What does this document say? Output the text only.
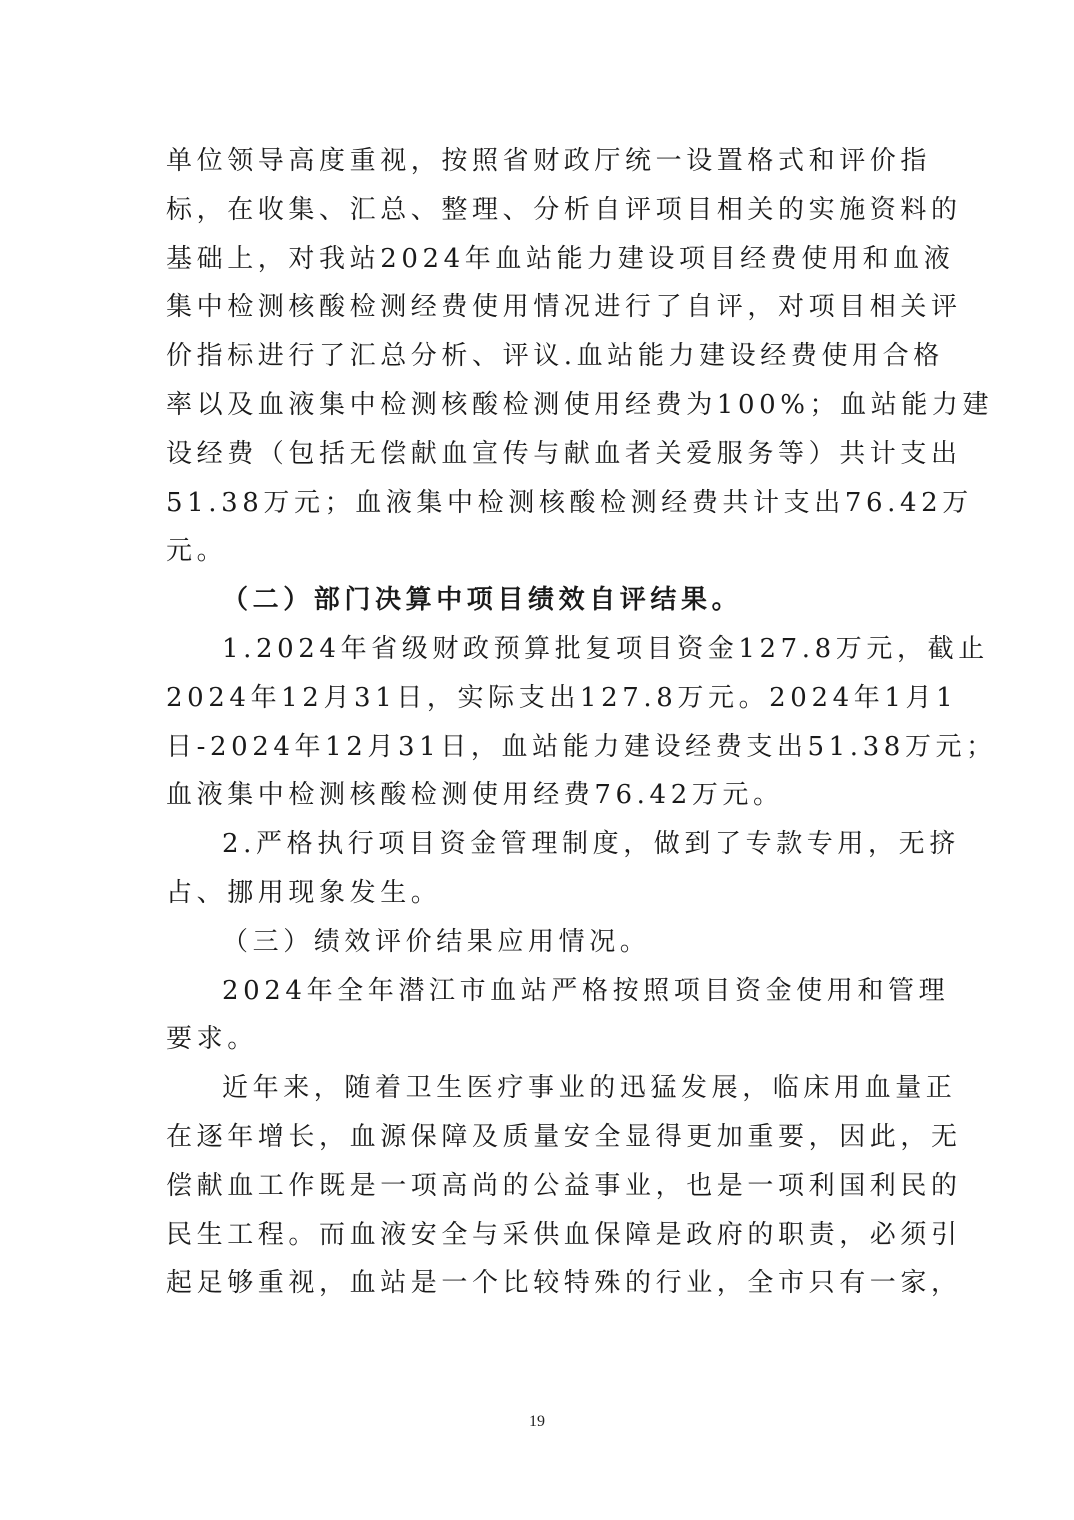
单位领导高度重视，按照省财政厅统一设置格式和评价指
标，在收集、汇总、整理、分析自评项目相关的实施资料的
基础上，对我站2024年血站能力建设项目经费使用和血液
集中检测核酸检测经费使用情况进行了自评，对项目相关评
价指标进行了汇总分析、评议.血站能力建设经费使用合格
率以及血液集中检测核酸检测使用经费为100%；血站能力建
设经费（包括无偿献血宣传与献血者关爱服务等）共计支出
51.38万元；血液集中检测核酸检测经费共计支出76.42万
元。
（二）部门决算中项目绩效自评结果。
1.2024年省级财政预算批复项目资金127.8万元，截止
2024年12月31日，实际支出127.8万元。2024年1月1
日-2024年12月31日，血站能力建设经费支出51.38万元；
血液集中检测核酸检测使用经费76.42万元。
2.严格执行项目资金管理制度，做到了专款专用，无挤
占、挪用现象发生。
（三）绩效评价结果应用情况。
2024年全年潜江市血站严格按照项目资金使用和管理
要求。
近年来，随着卫生医疗事业的迅猛发展，临床用血量正
在逐年增长，血源保障及质量安全显得更加重要，因此，无
偿献血工作既是一项高尚的公益事业，也是一项利国利民的
民生工程。而血液安全与采供血保障是政府的职责，必须引
起足够重视，血站是一个比较特殊的行业，全市只有一家，
19
